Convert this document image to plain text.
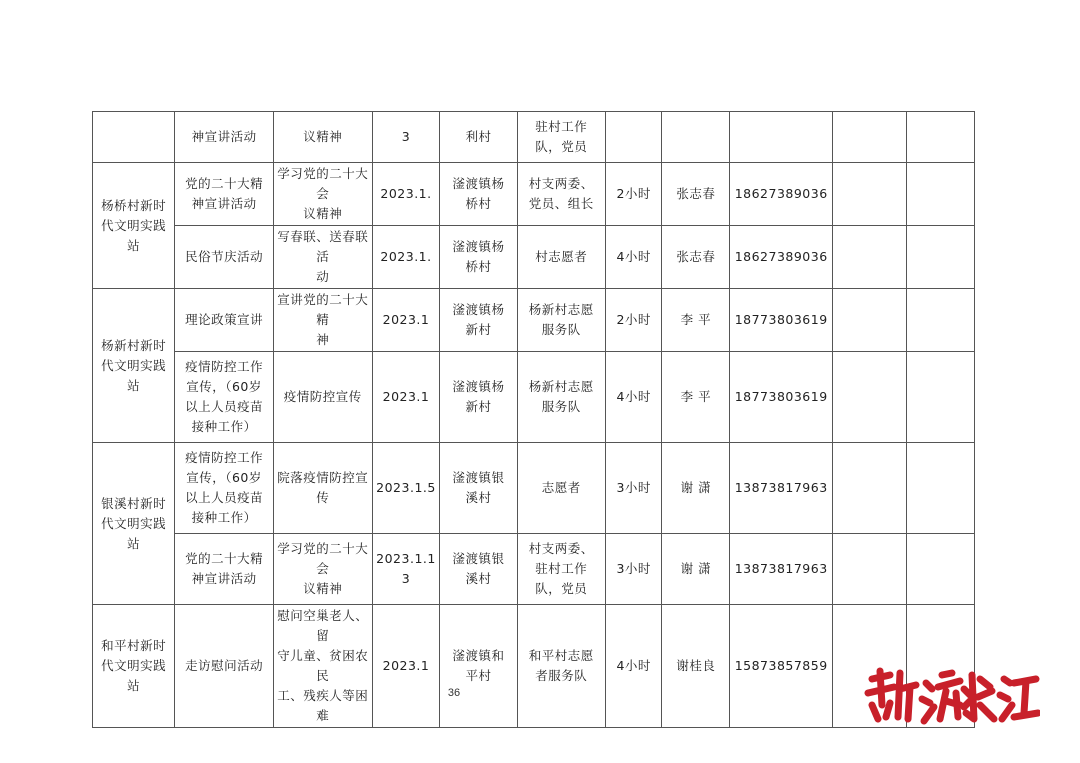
	神宣讲活动	议精神	3	利村	驻村工作
队，党员					
杨桥村新时
代文明实践
站	党的二十大精
神宣讲活动	学习党的二十大会
议精神	2023.1.	滏渡镇杨
桥村	村支两委、
党员、组长	2小时	张志春	18627389036		
	民俗节庆活动	写春联、送春联活
动	2023.1.	滏渡镇杨
桥村	村志愿者	4小时	张志春	18627389036		
杨新村新时
代文明实践
站	理论政策宣讲	宣讲党的二十大精
神	2023.1	滏渡镇杨
新村	杨新村志愿
服务队	2小时	李 平	18773803619		
	疫情防控工作
宣传，（60岁
以上人员疫苗
接种工作）	疫情防控宣传	2023.1	滏渡镇杨
新村	杨新村志愿
服务队	4小时	李 平	18773803619		
银溪村新时
代文明实践
站	疫情防控工作
宣传，（60岁
以上人员疫苗
接种工作）	院落疫情防控宣传	2023.1.5	滏渡镇银
溪村	志愿者	3小时	谢 潇	13873817963		
	党的二十大精
神宣讲活动	学习党的二十大会
议精神	2023.1.1
3	滏渡镇银
溪村	村支两委、
驻村工作
队，党员	3小时	谢 潇	13873817963		
和平村新时
代文明实践
站	走访慰问活动	慰问空巢老人、留
守儿童、贫困农民
工、残疾人等困难	2023.1	滏渡镇和
平村	和平村志愿
者服务队	4小时	谢桂良	15873857859		
36
